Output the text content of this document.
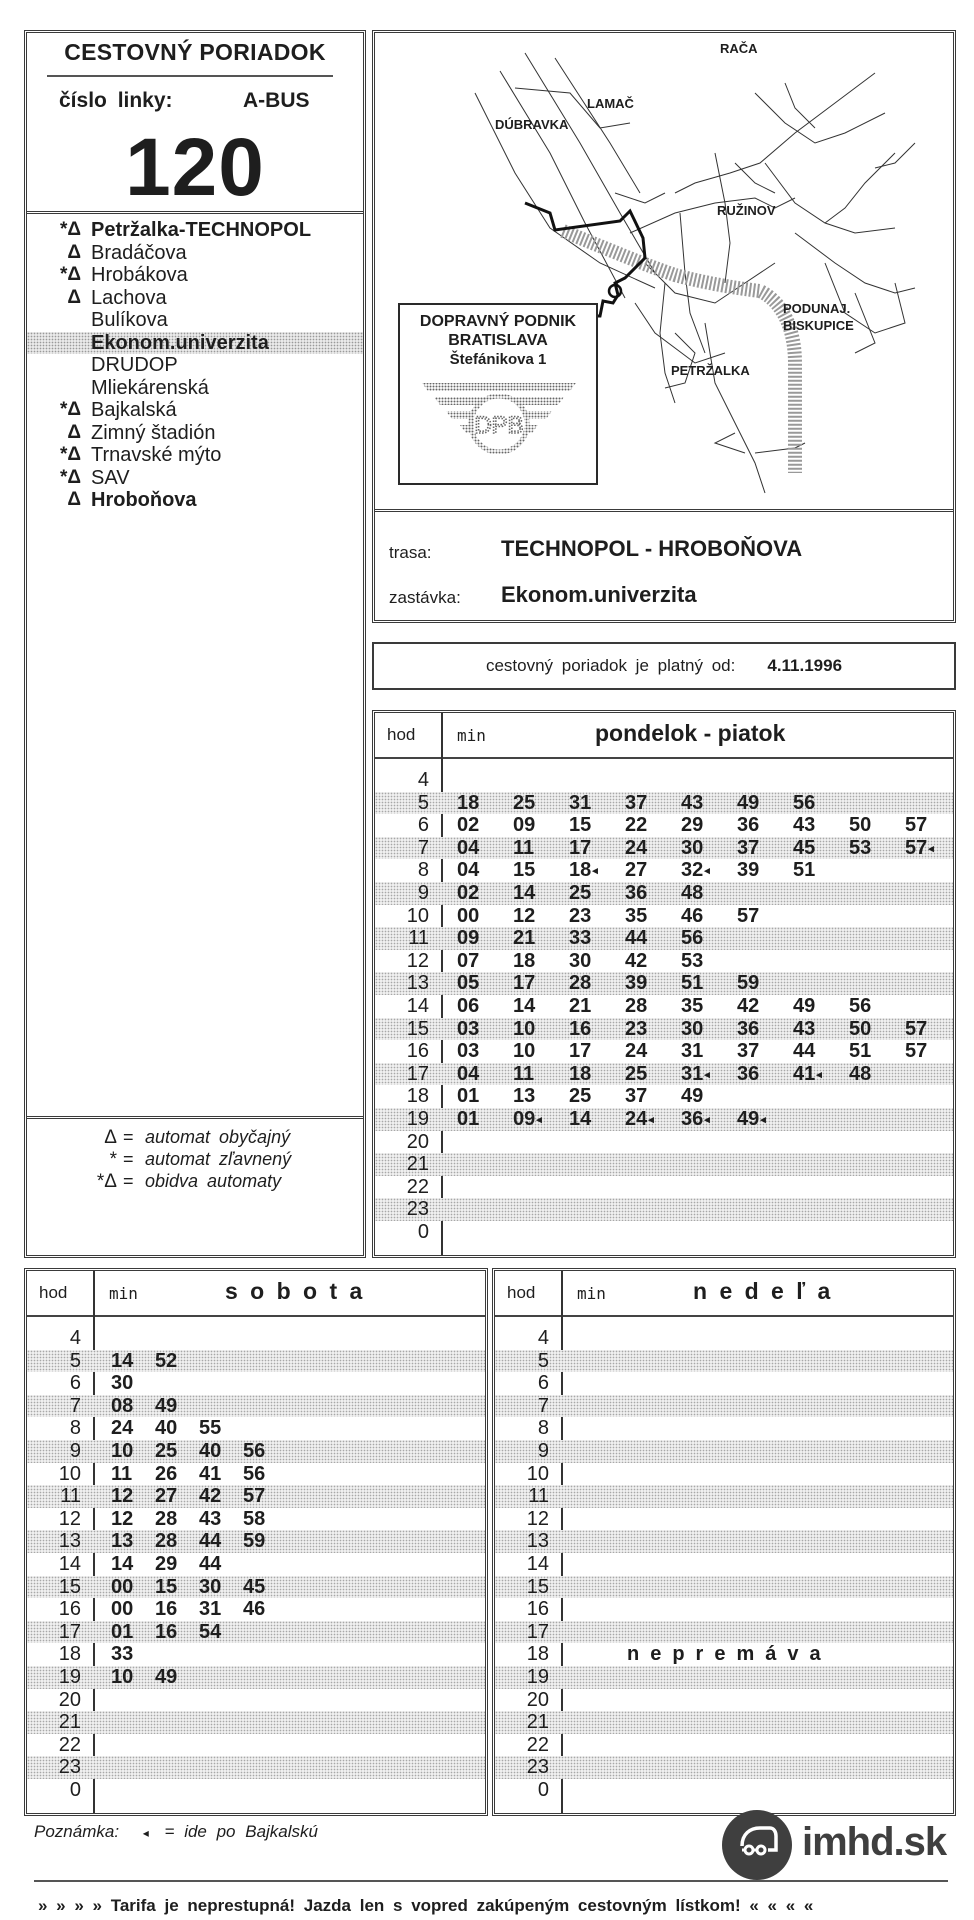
CESTOVNÝ PORIADOK
číslo linky:	A-BUS
120
*Δ Petržalka-TECHNOPOL
Δ Bradáčova
*Δ Hrobákova
Δ Lachova
Bulíkova
Ekonom.univerzita
DRUDOP
Mliekárenská
*Δ Bajkalská
Δ Zimný štadión
*Δ Trnavské mýto
*Δ SAV
Δ Hroboňova
Δ = automat obyčajný
* = automat zľavnený
*Δ = obidva automaty
RAČA
LAMAČ
DÚBRAVKA
RUŽINOV
PODUNAJ.
BISKUPICE
PETRŽALKA
DOPRAVNÝ PODNIK
BRATISLAVA
Štefánikova 1
DPB
trasa:	TECHNOPOL - HROBOŇOVA
zastávka: Ekonom.univerzita
cestovný poriadok je platný od: 4.11.1996
hod	min	pondelok - piatok
4
5 18	25	31	37	43	49	56
6 02	09	15	22	29	36	43	50	57
7 04	11	17	24	30	37	45	53	57◂
8 04	15	18◂	27	32◂	39	51
9 02	14	25	36	48
10 00	12	23	35	46	57
11 09	21	33	44	56
12 07	18	30	42	53
13 05	17	28	39	51	59
14 06	14	21	28	35	42	49	56
15 03	10	16	23	30	36	43	50	57
16 03	10	17	24	31	37	44	51	57
17 04	11	18	25	31◂	36	41◂	48
18 01	13	25	37	49
19 01	09◂	14	24◂	36◂	49◂
20
21
22
23
0
hod	min	s o b o t a
4
5 14	52
6 30
7 08	49
8 24	40	55
9 10	25	40	56
10 11	26	41	56
11 12	27	42	57
12 12	28	43	58
13 13	28	44	59
14 14	29	44
15 00	15	30	45
16 00	16	31	46
17 01	16	54
18 33
19 10	49
20
21
22
23
0
hod	min	n e d e ľ a
4
5
6
7
8
9
10
11
12
13
14
15
16
17
18
19
20
21
22
23
0
nepremáva
Poznámka: ◂ = ide po Bajkalskú	imhd.sk
» » » » Tarifa je neprestupná! Jazda len s vopred zakúpeným cestovným lístkom! « « « «
